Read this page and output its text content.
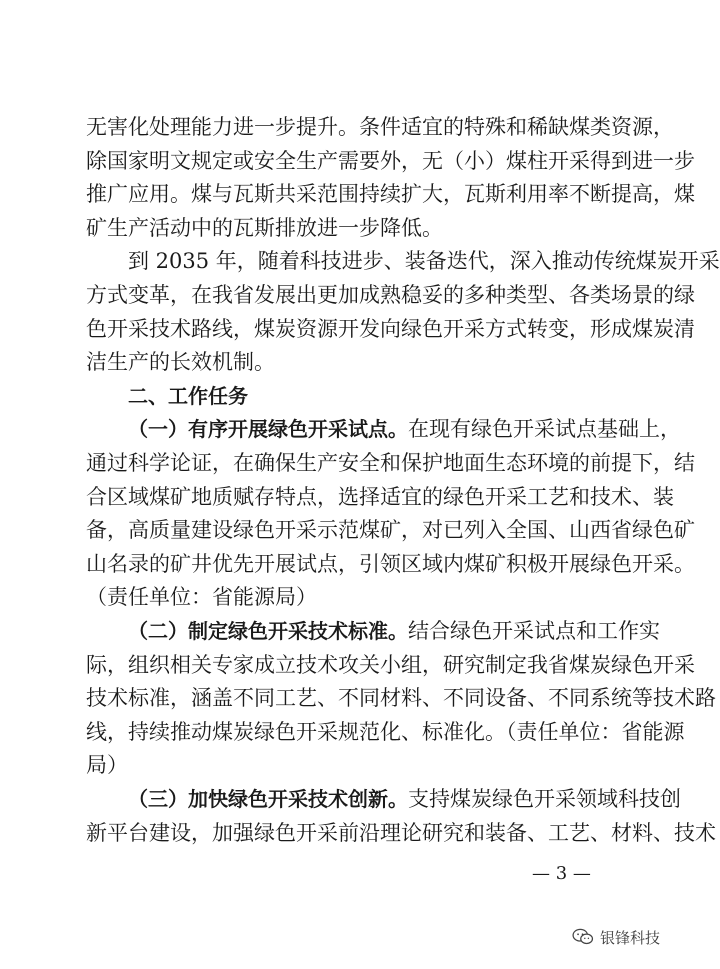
无害化处理能力进一步提升。条件适宜的特殊和稀缺煤类资源，
除国家明文规定或安全生产需要外，无（小）煤柱开采得到进一步
推广应用。煤与瓦斯共采范围持续扩大，瓦斯利用率不断提高，煤
矿生产活动中的瓦斯排放进一步降低。
到 2035 年，随着科技进步、装备迭代，深入推动传统煤炭开采
方式变革，在我省发展出更加成熟稳妥的多种类型、各类场景的绿
色开采技术路线，煤炭资源开发向绿色开采方式转变，形成煤炭清
洁生产的长效机制。
二、工作任务
（一）有序开展绿色开采试点。在现有绿色开采试点基础上，
通过科学论证，在确保生产安全和保护地面生态环境的前提下，结
合区域煤矿地质赋存特点，选择适宜的绿色开采工艺和技术、装
备，高质量建设绿色开采示范煤矿，对已列入全国、山西省绿色矿
山名录的矿井优先开展试点，引领区域内煤矿积极开展绿色开采。
（责任单位：省能源局）
（二）制定绿色开采技术标准。结合绿色开采试点和工作实
际，组织相关专家成立技术攻关小组，研究制定我省煤炭绿色开采
技术标准，涵盖不同工艺、不同材料、不同设备、不同系统等技术路
线，持续推动煤炭绿色开采规范化、标准化。（责任单位：省能源
局）
（三）加快绿色开采技术创新。支持煤炭绿色开采领域科技创
新平台建设，加强绿色开采前沿理论研究和装备、工艺、材料、技术
— 3 —
银锋科技
